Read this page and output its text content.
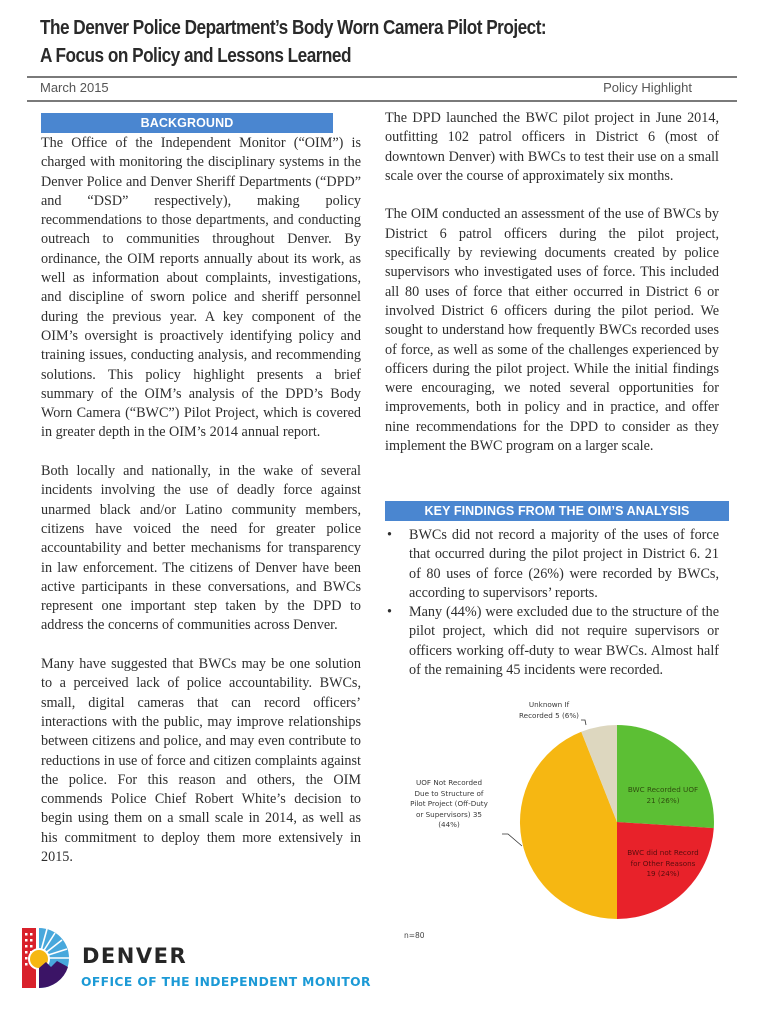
The Denver Police Department’s Body Worn Camera Pilot Project:
A Focus on Policy and Lessons Learned
March 2015	Policy Highlight
BACKGROUND

The Office of the Independent Monitor (“OIM”) is charged with monitoring the disciplinary systems in the Denver Police and Denver Sheriff Departments (“DPD” and “DSD” respectively), making policy recommendations to those departments, and conducting outreach to communities throughout Denver. By ordinance, the OIM reports annually about its work, as well as information about complaints, investigations, and discipline of sworn police and sheriff personnel during the previous year. A key component of the OIM’s oversight is proactively identifying policy and training issues, conducting analysis, and recommending solutions. This policy highlight presents a brief summary of the OIM’s analysis of the DPD’s Body Worn Camera (“BWC”) Pilot Project, which is covered in greater depth in the OIM’s 2014 annual report.

Both locally and nationally, in the wake of several incidents involving the use of deadly force against unarmed black and/or Latino community members, citizens have voiced the need for greater police accountability and better mechanisms for transparency in law enforcement. The citizens of Denver have been active participants in these conversations, and BWCs represent one important step taken by the DPD to address the concerns of communities across Denver.

Many have suggested that BWCs may be one solution to a perceived lack of police accountability. BWCs, small, digital cameras that can record officers’ interactions with the public, may improve relationships between citizens and police, and may even contribute to reductions in use of force and citizen complaints against the police. For this reason and others, the OIM commends Police Chief Robert White’s decision to begin using them on a small scale in 2014, as well as his commitment to deploy them more extensively in 2015.

The DPD launched the BWC pilot project in June 2014, outfitting 102 patrol officers in District 6 (most of downtown Denver) with BWCs to test their use on a small scale over the course of approximately six months.

The OIM conducted an assessment of the use of BWCs by District 6 patrol officers during the pilot project, specifically by reviewing documents created by police supervisors who investigated uses of force. This included all 80 uses of force that either occurred in District 6 or involved District 6 officers during the pilot period. We sought to understand how frequently BWCs recorded uses of force, as well as some of the challenges experienced by officers during the pilot project. While the initial findings were encouraging, we noted several opportunities for improvements, both in policy and in practice, and offer nine recommendations for the DPD to consider as they implement the BWC program on a larger scale.

KEY FINDINGS FROM THE OIM’S ANALYSIS
• BWCs did not record a majority of the uses of force that occurred during the pilot project in District 6. 21 of 80 uses of force (26%) were recorded by BWCs, according to supervisors’ reports.
• Many (44%) were excluded due to the structure of the pilot project, which did not require supervisors or officers working off-duty to wear BWCs. Almost half of the remaining 45 incidents were recorded.
Unknown If
Recorded 5 (6%)
UOF Not Recorded
Due to Structure of
Pilot Project (Off-Duty
or Supervisors) 35
(44%)
BWC Recorded UOF
21 (26%)
BWC did not Record
for Other Reasons
19 (24%)
n=80
DENVER
OFFICE OF THE INDEPENDENT MONITOR
